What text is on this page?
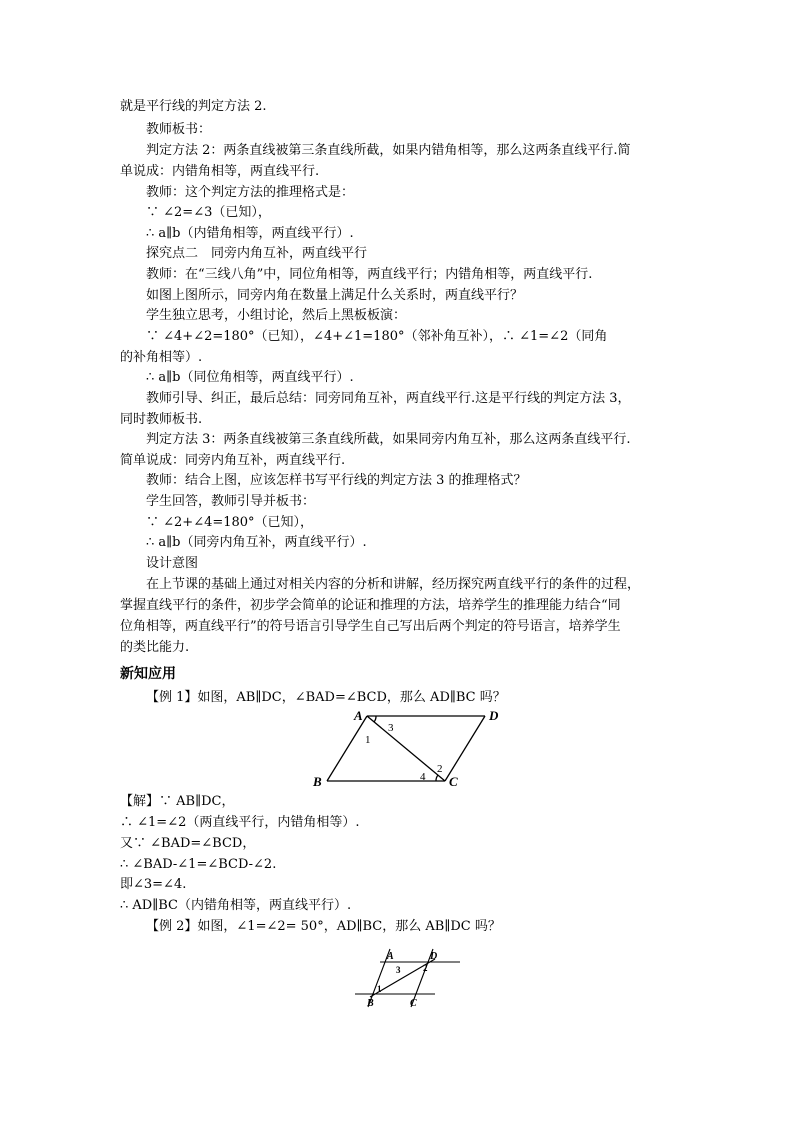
就是平行线的判定方法 2.
教师板书：
判定方法 2：两条直线被第三条直线所截，如果内错角相等，那么这两条直线平行.简
单说成：内错角相等，两直线平行.
教师：这个判定方法的推理格式是：
∵ ∠2=∠3（已知），
∴ a∥b（内错角相等，两直线平行）.
探究点二　同旁内角互补，两直线平行
教师：在“三线八角”中，同位角相等，两直线平行；内错角相等，两直线平行.
如图上图所示，同旁内角在数量上满足什么关系时，两直线平行？
学生独立思考，小组讨论，然后上黑板板演：
∵ ∠4+∠2=180°（已知），∠4+∠1=180°（邻补角互补），∴ ∠1=∠2（同角
的补角相等）.
∴ a∥b（同位角相等，两直线平行）.
教师引导、纠正，最后总结：同旁同角互补，两直线平行.这是平行线的判定方法 3，
同时教师板书.
判定方法 3：两条直线被第三条直线所截，如果同旁内角互补，那么这两条直线平行.
简单说成：同旁内角互补，两直线平行.
教师：结合上图，应该怎样书写平行线的判定方法 3 的推理格式？
学生回答，教师引导并板书：
∵ ∠2+∠4=180°（已知），
∴ a∥b（同旁内角互补，两直线平行）.
设计意图
在上节课的基础上通过对相关内容的分析和讲解，经历探究两直线平行的条件的过程，
掌握直线平行的条件，初步学会简单的论证和推理的方法，培养学生的推理能力结合“同
位角相等，两直线平行”的符号语言引导学生自己写出后两个判定的符号语言，培养学生
的类比能力.
新知应用
【例 1】如图，AB∥DC，∠BAD=∠BCD，那么 AD∥BC 吗？
A	D
B	C
1
3
2
4
【解】∵ AB∥DC，
∴ ∠1=∠2（两直线平行，内错角相等）.
又∵ ∠BAD=∠BCD，
∴ ∠BAD-∠1=∠BCD-∠2.
即∠3=∠4.
∴ AD∥BC（内错角相等，两直线平行）.
【例 2】如图，∠1=∠2= 50°，AD∥BC，那么 AB∥DC 吗？
A	D
B	C
3	2
1
